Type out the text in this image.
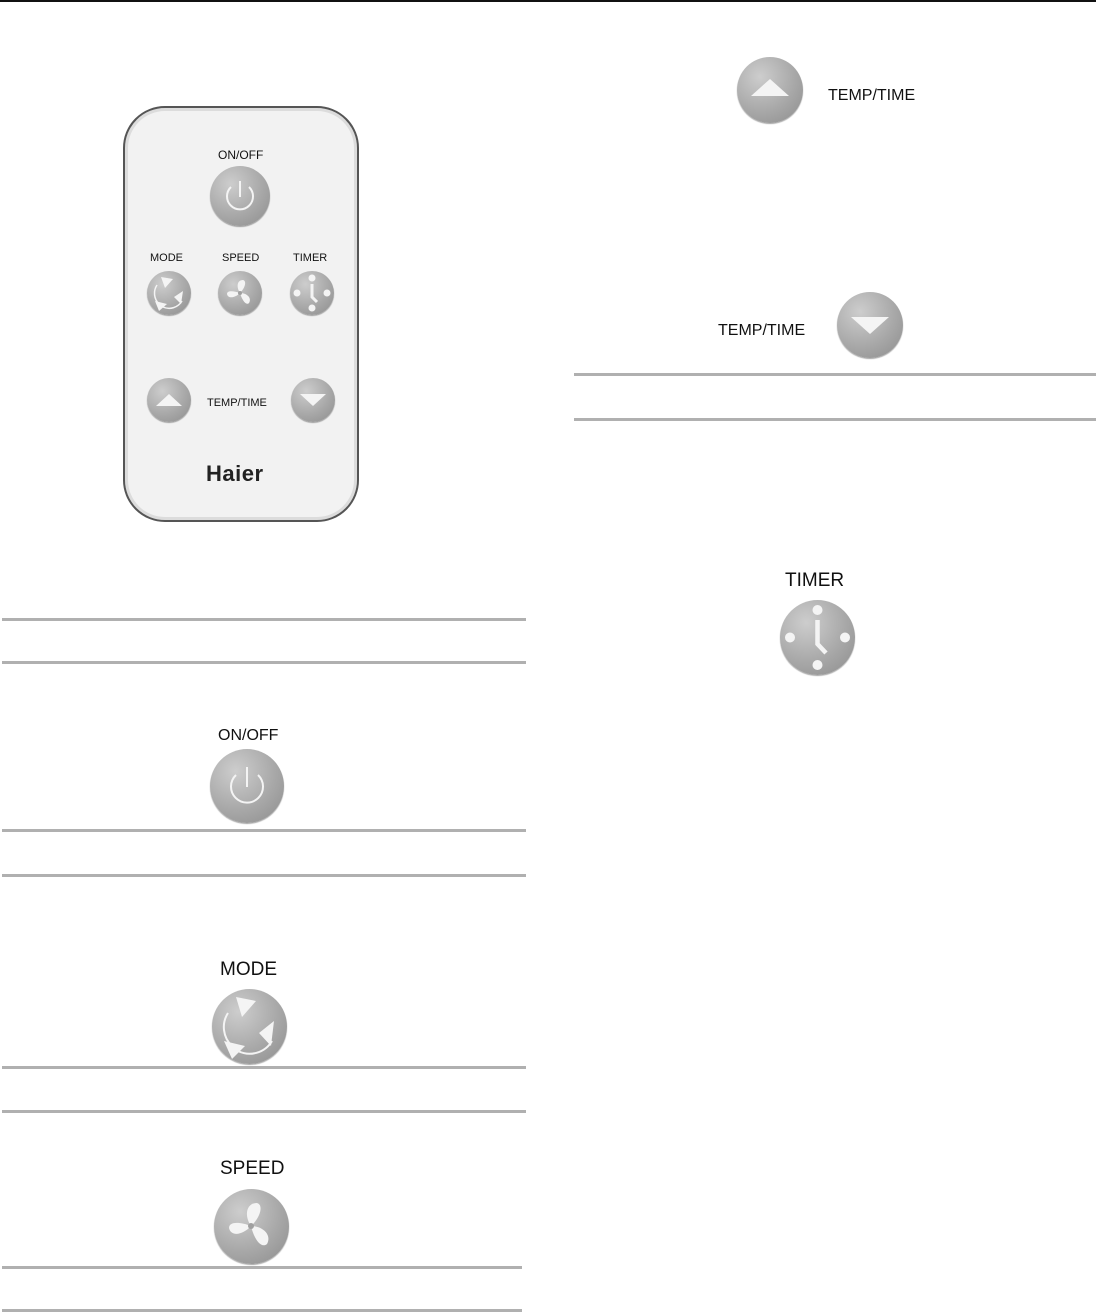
ON/OFF
MODE	SPEED	TIMER
TEMP/TIME
Haier
ON/OFF
MODE
SPEED
TEMP/TIME
TEMP/TIME
TIMER
